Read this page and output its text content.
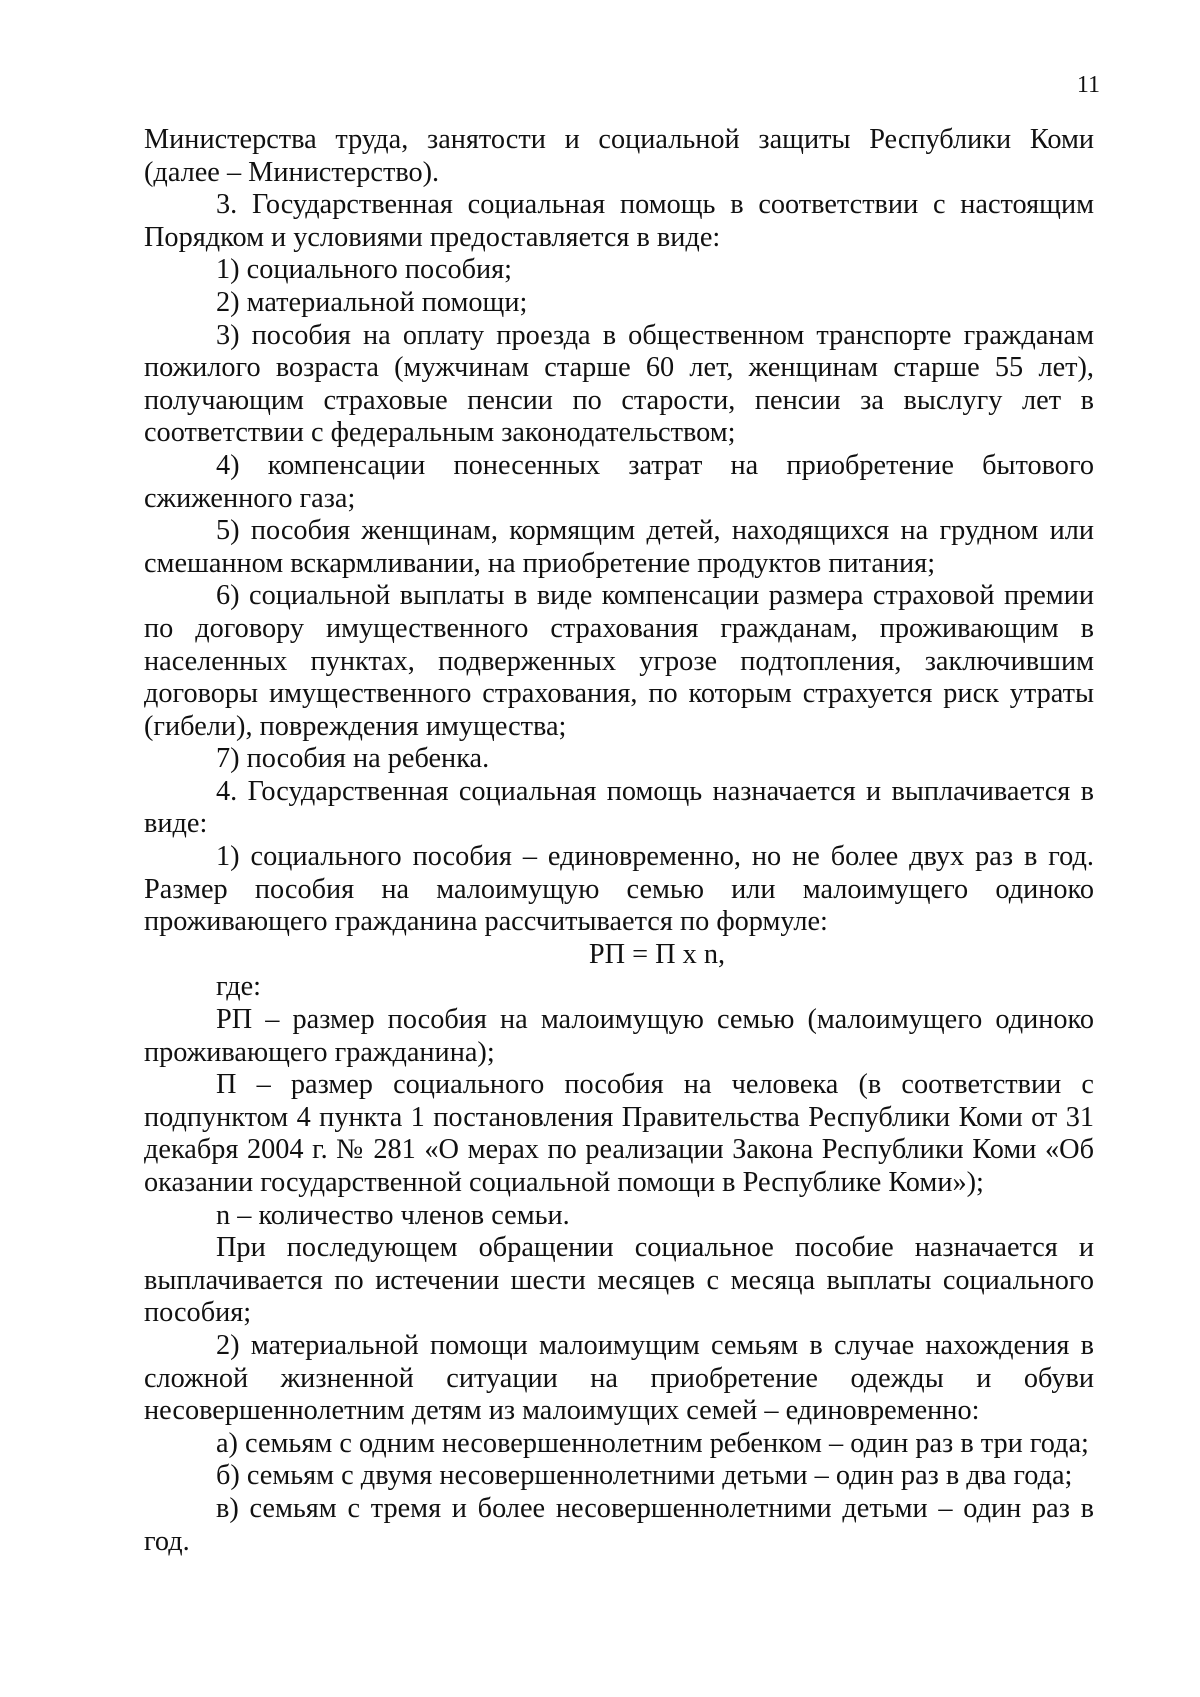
11

Министерства труда, занятости и социальной защиты Республики Коми (далее – Министерство).

3. Государственная социальная помощь в соответствии с настоящим Порядком и условиями предоставляется в виде:

1) социального пособия;

2) материальной помощи;

3) пособия на оплату проезда в общественном транспорте гражданам пожилого возраста (мужчинам старше 60 лет, женщинам старше 55 лет), получающим страховые пенсии по старости, пенсии за выслугу лет в соответствии с федеральным законодательством;

4) компенсации понесенных затрат на приобретение бытового сжиженного газа;

5) пособия женщинам, кормящим детей, находящихся на грудном или смешанном вскармливании, на приобретение продуктов питания;

6) социальной выплаты в виде компенсации размера страховой премии по договору имущественного страхования гражданам, проживающим в населенных пунктах, подверженных угрозе подтопления, заключившим договоры имущественного страхования, по которым страхуется риск утраты (гибели), повреждения имущества;

7) пособия на ребенка.

4. Государственная социальная помощь назначается и выплачивается в виде:

1) социального пособия – единовременно, но не более двух раз в год. Размер пособия на малоимущую семью или малоимущего одиноко проживающего гражданина рассчитывается по формуле:

РП = П х n,

где:

РП – размер пособия на малоимущую семью (малоимущего одиноко проживающего гражданина);

П – размер социального пособия на человека (в соответствии с подпунктом 4 пункта 1 постановления Правительства Республики Коми от 31 декабря 2004 г. № 281 «О мерах по реализации Закона Республики Коми «Об оказании государственной социальной помощи в Республике Коми»);

n – количество членов семьи.

При последующем обращении социальное пособие назначается и выплачивается по истечении шести месяцев с месяца выплаты социального пособия;

2) материальной помощи малоимущим семьям в случае нахождения в сложной жизненной ситуации на приобретение одежды и обуви несовершеннолетним детям из малоимущих семей – единовременно:

а) семьям с одним несовершеннолетним ребенком – один раз в три года;

б) семьям с двумя несовершеннолетними детьми – один раз в два года;

в) семьям с тремя и более несовершеннолетними детьми – один раз в год.
